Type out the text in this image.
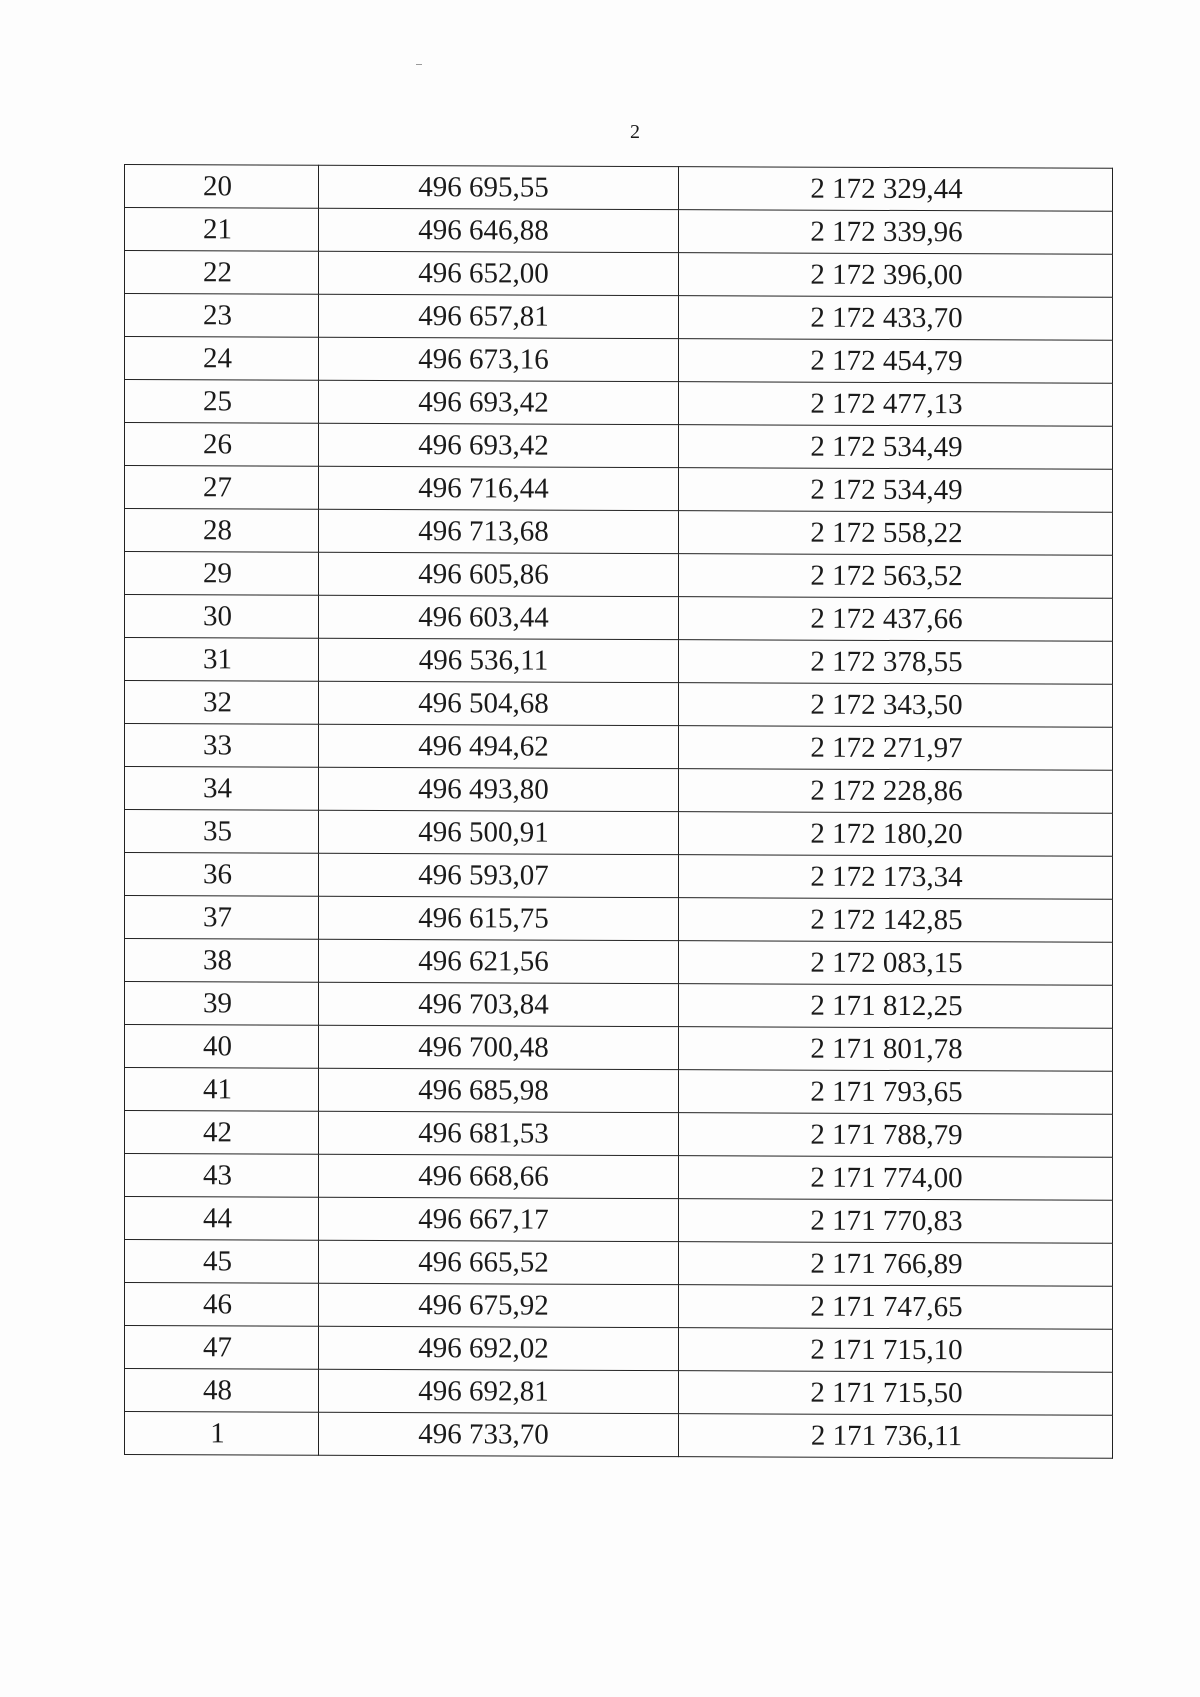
2
20	496 695,55	2 172 329,44
21	496 646,88	2 172 339,96
22	496 652,00	2 172 396,00
23	496 657,81	2 172 433,70
24	496 673,16	2 172 454,79
25	496 693,42	2 172 477,13
26	496 693,42	2 172 534,49
27	496 716,44	2 172 534,49
28	496 713,68	2 172 558,22
29	496 605,86	2 172 563,52
30	496 603,44	2 172 437,66
31	496 536,11	2 172 378,55
32	496 504,68	2 172 343,50
33	496 494,62	2 172 271,97
34	496 493,80	2 172 228,86
35	496 500,91	2 172 180,20
36	496 593,07	2 172 173,34
37	496 615,75	2 172 142,85
38	496 621,56	2 172 083,15
39	496 703,84	2 171 812,25
40	496 700,48	2 171 801,78
41	496 685,98	2 171 793,65
42	496 681,53	2 171 788,79
43	496 668,66	2 171 774,00
44	496 667,17	2 171 770,83
45	496 665,52	2 171 766,89
46	496 675,92	2 171 747,65
47	496 692,02	2 171 715,10
48	496 692,81	2 171 715,50
1	496 733,70	2 171 736,11
